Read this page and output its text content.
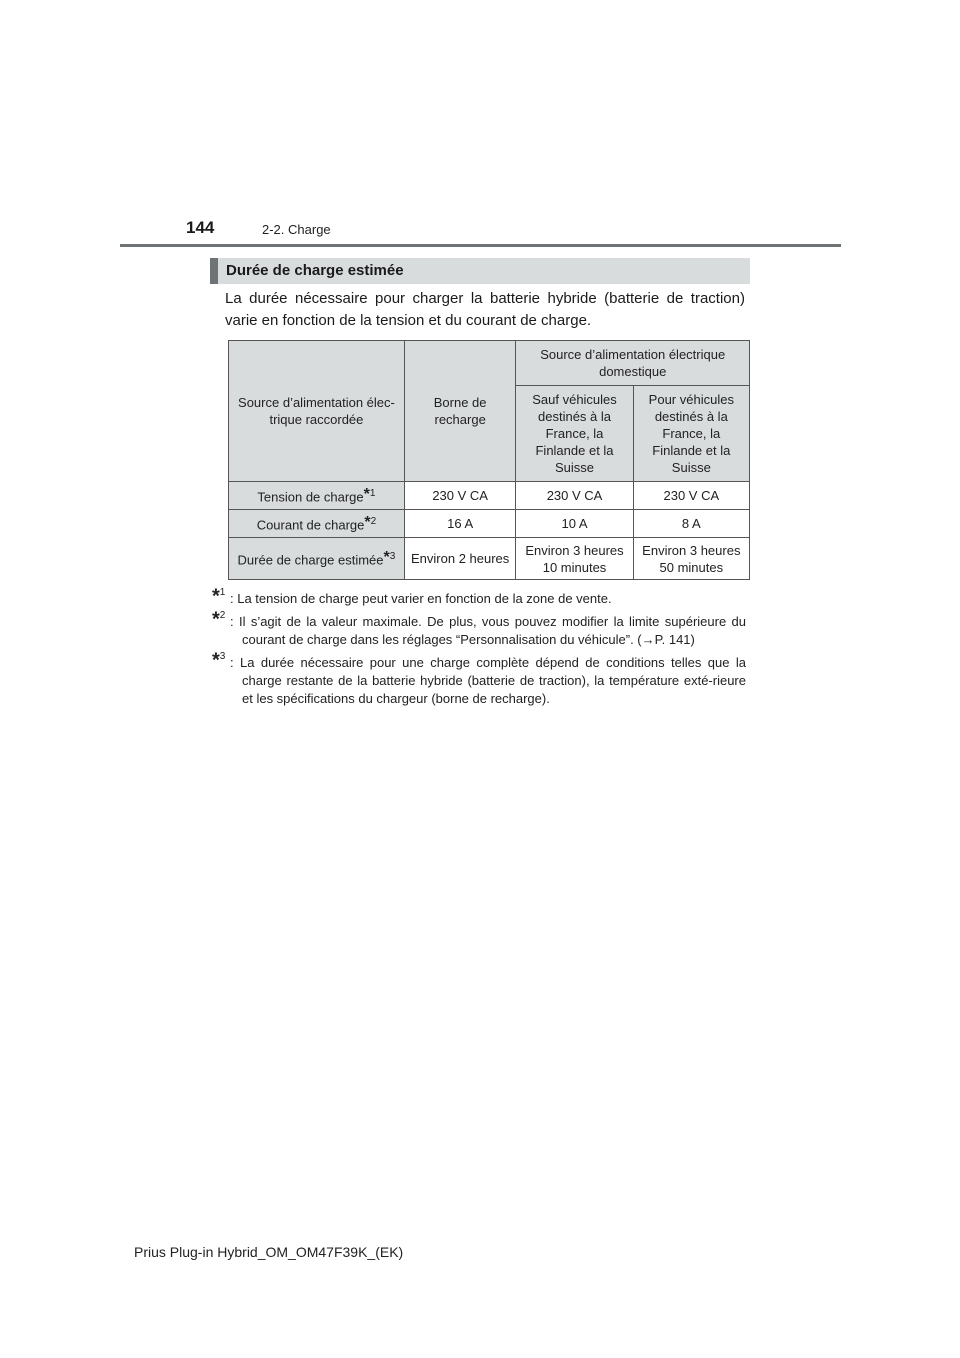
144	2-2. Charge
Durée de charge estimée
La durée nécessaire pour charger la batterie hybride (batterie de traction) varie en fonction de la tension et du courant de charge.
Source d’alimentation élec-trique raccordée	Borne de recharge	Source d’alimentation électrique domestique	
		Sauf véhicules destinés à la France, la Finlande et la Suisse	Pour véhicules destinés à la France, la Finlande et la Suisse
Tension de charge*$^1$	230 V CA	230 V CA	230 V CA
Courant de charge*$^2$	16 A	10 A	8 A
Durée de charge estimée*$^3$	Environ 2 heures	Environ 3 heures 10 minutes	Environ 3 heures 50 minutes
*$^1$ : La tension de charge peut varier en fonction de la zone de vente.
*$^2$ : Il s’agit de la valeur maximale. De plus, vous pouvez modifier la limite supérieure du courant de charge dans les réglages “Personnalisation du véhicule”. (→P. 141)
*$^3$ : La durée nécessaire pour une charge complète dépend de conditions telles que la charge restante de la batterie hybride (batterie de traction), la température exté-rieure et les spécifications du chargeur (borne de recharge).
Prius Plug-in Hybrid_OM_OM47F39K_(EK)
